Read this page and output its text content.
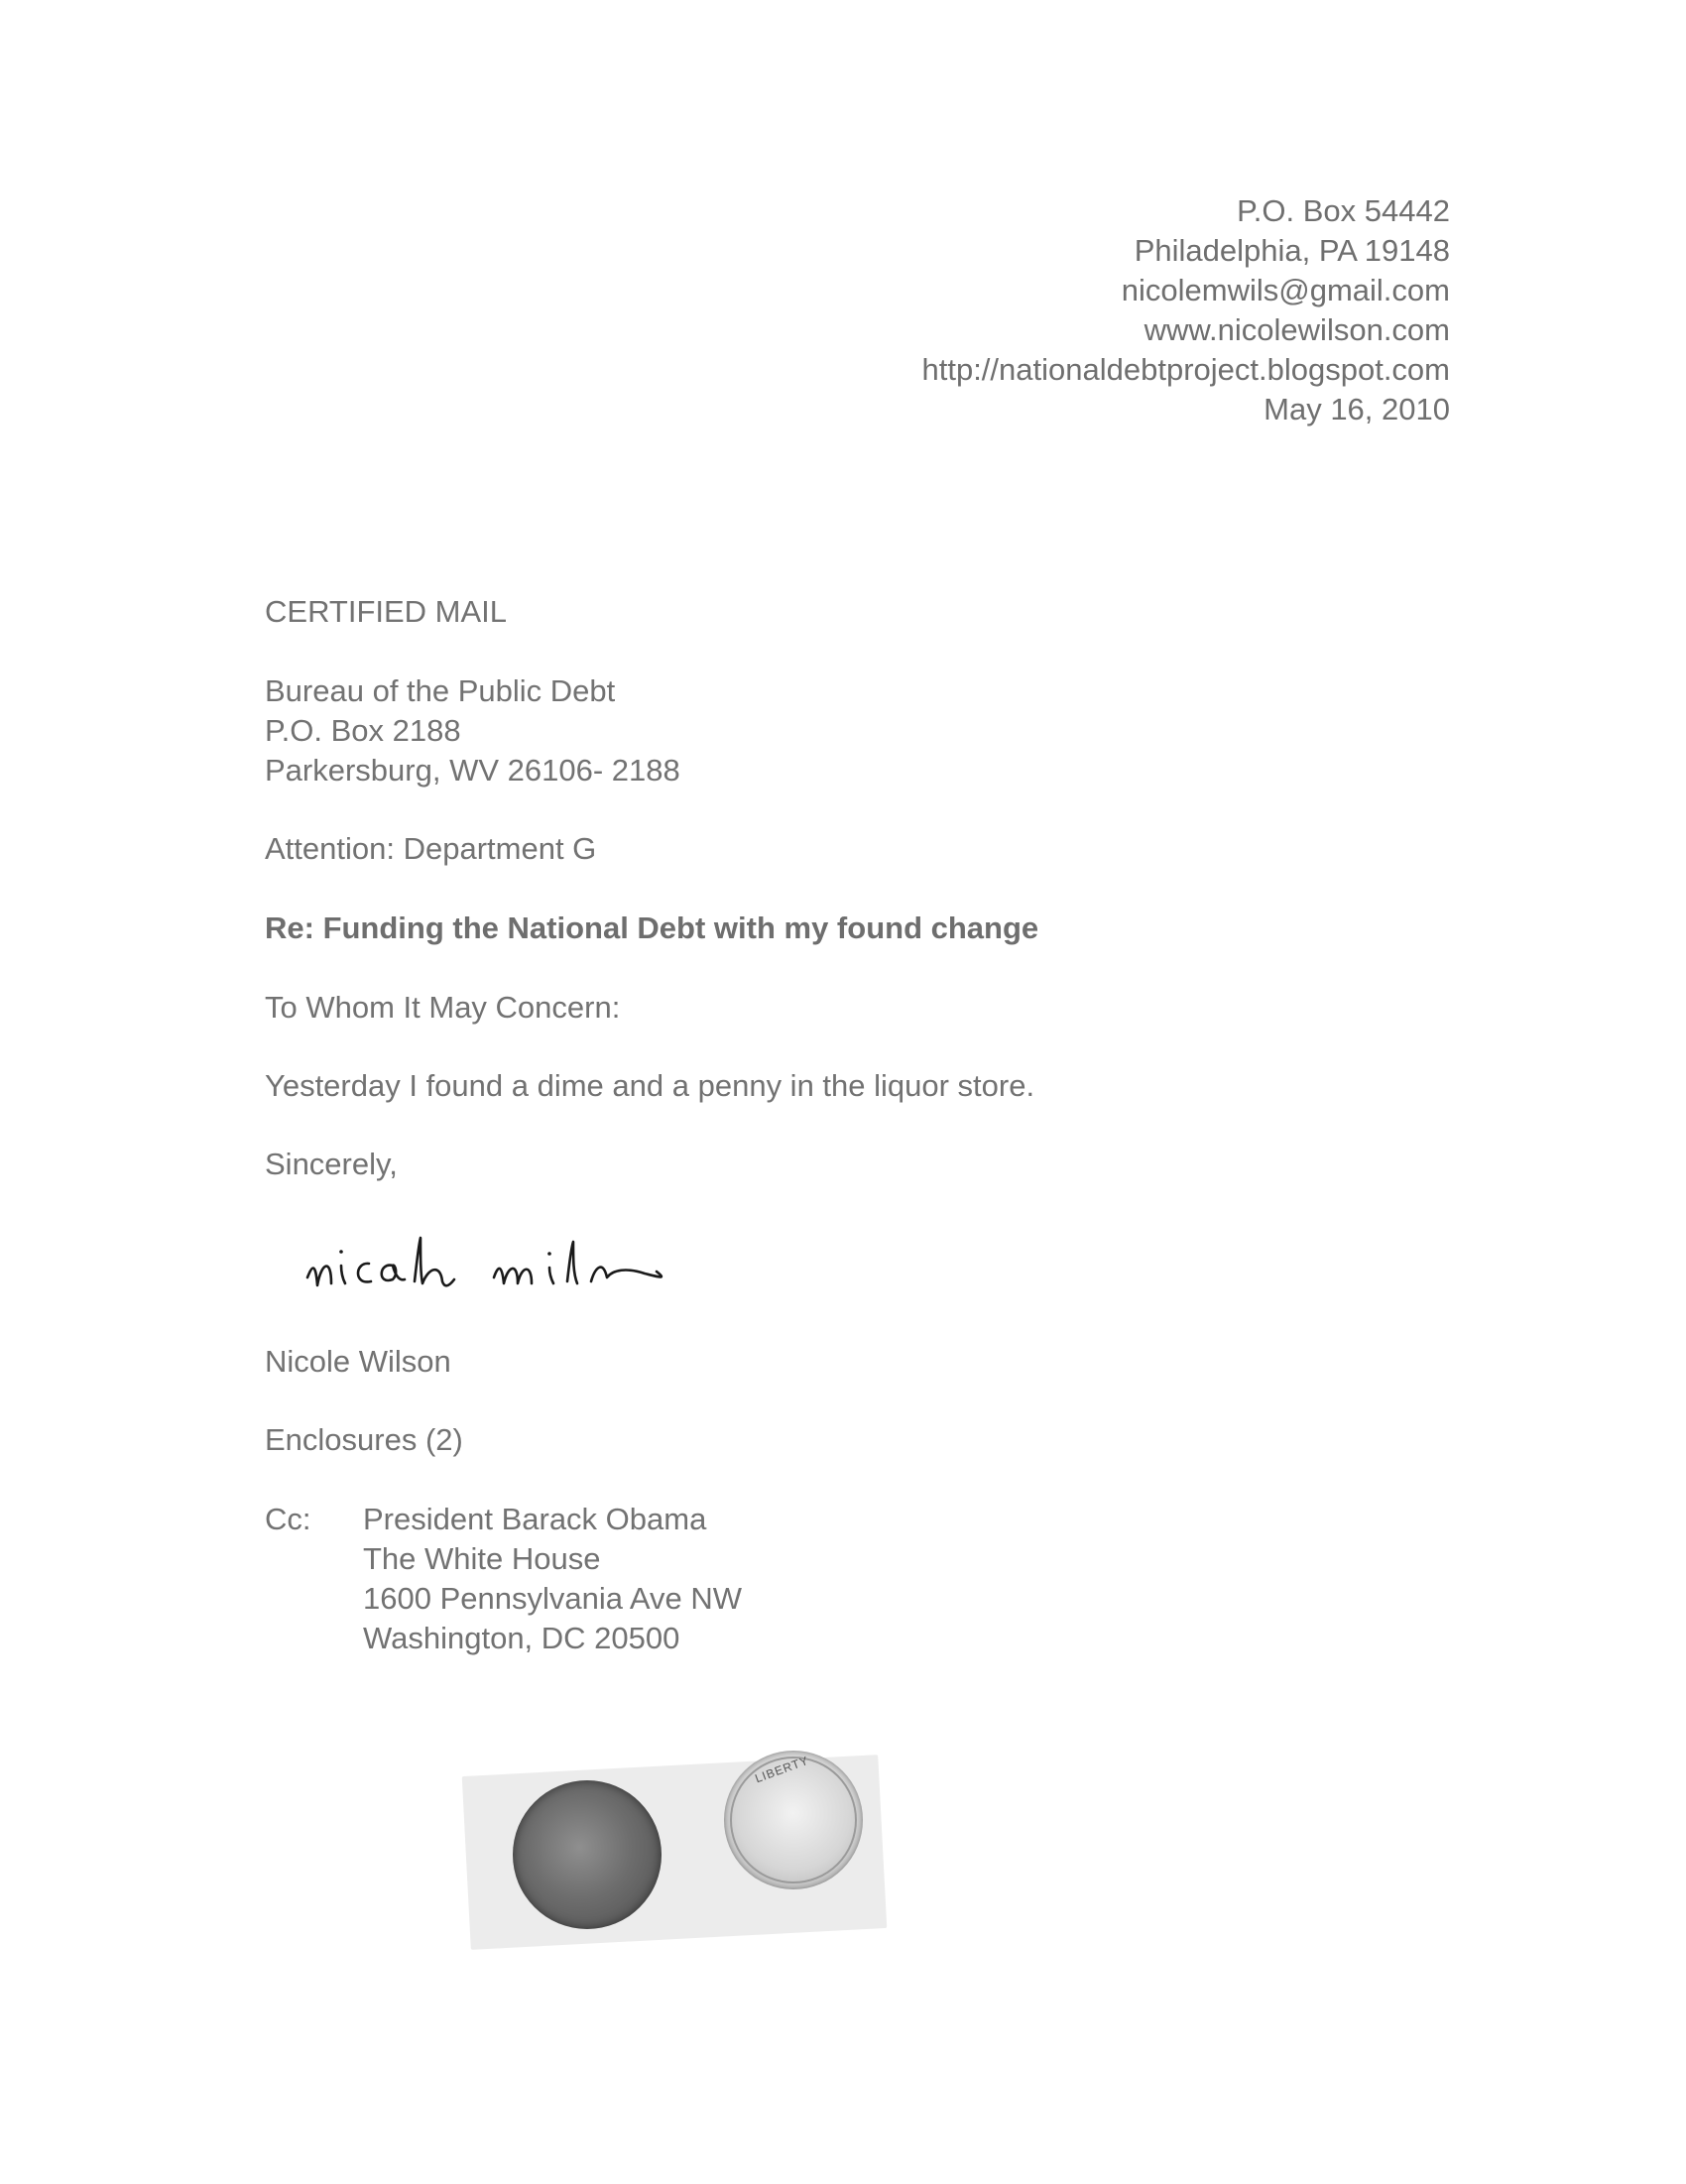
P.O. Box 54442
Philadelphia, PA 19148
nicolemwils@gmail.com
www.nicolewilson.com
http://nationaldebtproject.blogspot.com
May 16, 2010
CERTIFIED MAIL
Bureau of the Public Debt
P.O. Box 2188
Parkersburg, WV 26106- 2188
Attention: Department G
Re: Funding the National Debt with my found change
To Whom It May Concern:
Yesterday I found a dime and a penny in the liquor store.
Sincerely,
Nicole Wilson
Enclosures (2)
Cc: President Barack Obama
The White House
1600 Pennsylvania Ave NW
Washington, DC 20500
LIBERTY
